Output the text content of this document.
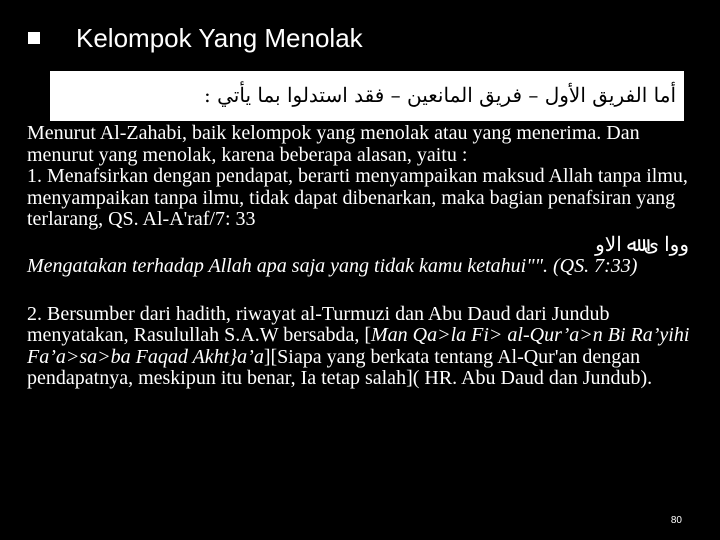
Kelompok Yang Menolak
أما الفريق الأول – فريق المانعين – فقد استدلوا بما يأتي :

Menurut Al-Zahabi, baik kelompok yang menolak atau yang menerima. Dan menurut yang menolak, karena beberapa alasan, yaitu :

1. Menafsirkan dengan pendapat, berarti menyampaikan maksud Allah tanpa ilmu, menyampaikan tanpa ilmu, tidak dapat dibenarkan, maka bagian penafsiran yang terlarang, QS. Al-A'raf/7: 33

ووا ى ﷲ الاو

Mengatakan terhadap Allah apa saja yang tidak kamu ketahui"". (QS. 7:33)

2. Bersumber dari hadith, riwayat al-Turmuzi dan Abu Daud dari Jundub menyatakan, Rasulullah S.A.W bersabda, [Man Qa>la Fi> al-Qur’a>n Bi Ra’yihi Fa’a>sa>ba Faqad Akht}a’a][Siapa yang berkata tentang Al-Qur'an dengan pendapatnya, meskipun itu benar, Ia tetap salah]( HR. Abu Daud dan Jundub).

80
